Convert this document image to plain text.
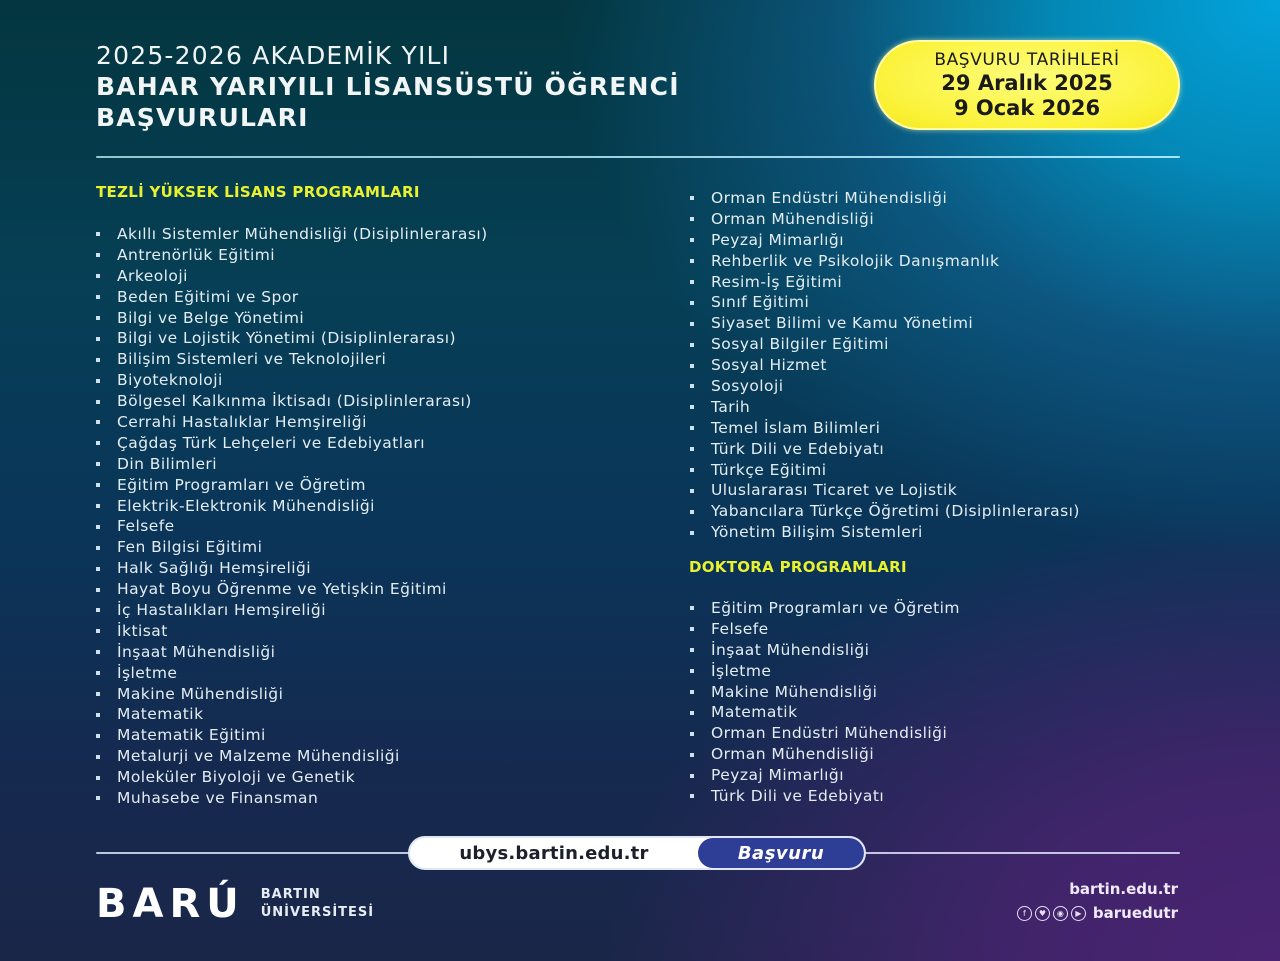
2025-2026 AKADEMİK YILI
BAHAR YARIYILI LİSANSÜSTÜ ÖĞRENCİ
BAŞVURULARI
BAŞVURU TARİHLERİ
29 Aralık 2025
9 Ocak 2026
TEZLİ YÜKSEK LİSANS PROGRAMLARI
Akıllı Sistemler Mühendisliği (Disiplinlerarası)
Antrenörlük Eğitimi
Arkeoloji
Beden Eğitimi ve Spor
Bilgi ve Belge Yönetimi
Bilgi ve Lojistik Yönetimi (Disiplinlerarası)
Bilişim Sistemleri ve Teknolojileri
Biyoteknoloji
Bölgesel Kalkınma İktisadı (Disiplinlerarası)
Cerrahi Hastalıklar Hemşireliği
Çağdaş Türk Lehçeleri ve Edebiyatları
Din Bilimleri
Eğitim Programları ve Öğretim
Elektrik-Elektronik Mühendisliği
Felsefe
Fen Bilgisi Eğitimi
Halk Sağlığı Hemşireliği
Hayat Boyu Öğrenme ve Yetişkin Eğitimi
İç Hastalıkları Hemşireliği
İktisat
İnşaat Mühendisliği
İşletme
Makine Mühendisliği
Matematik
Matematik Eğitimi
Metalurji ve Malzeme Mühendisliği
Moleküler Biyoloji ve Genetik
Muhasebe ve Finansman
Orman Endüstri Mühendisliği
Orman Mühendisliği
Peyzaj Mimarlığı
Rehberlik ve Psikolojik Danışmanlık
Resim-İş Eğitimi
Sınıf Eğitimi
Siyaset Bilimi ve Kamu Yönetimi
Sosyal Bilgiler Eğitimi
Sosyal Hizmet
Sosyoloji
Tarih
Temel İslam Bilimleri
Türk Dili ve Edebiyatı
Türkçe Eğitimi
Uluslararası Ticaret ve Lojistik
Yabancılara Türkçe Öğretimi (Disiplinlerarası)
Yönetim Bilişim Sistemleri
DOKTORA PROGRAMLARI
Eğitim Programları ve Öğretim
Felsefe
İnşaat Mühendisliği
İşletme
Makine Mühendisliği
Matematik
Orman Endüstri Mühendisliği
Orman Mühendisliği
Peyzaj Mimarlığı
Türk Dili ve Edebiyatı
ubys.bartin.edu.tr	Başvuru
BARÚ BARTIN
ÜNİVERSİTESİ
bartin.edu.tr
f	♥	◉	▶ baruedutr
